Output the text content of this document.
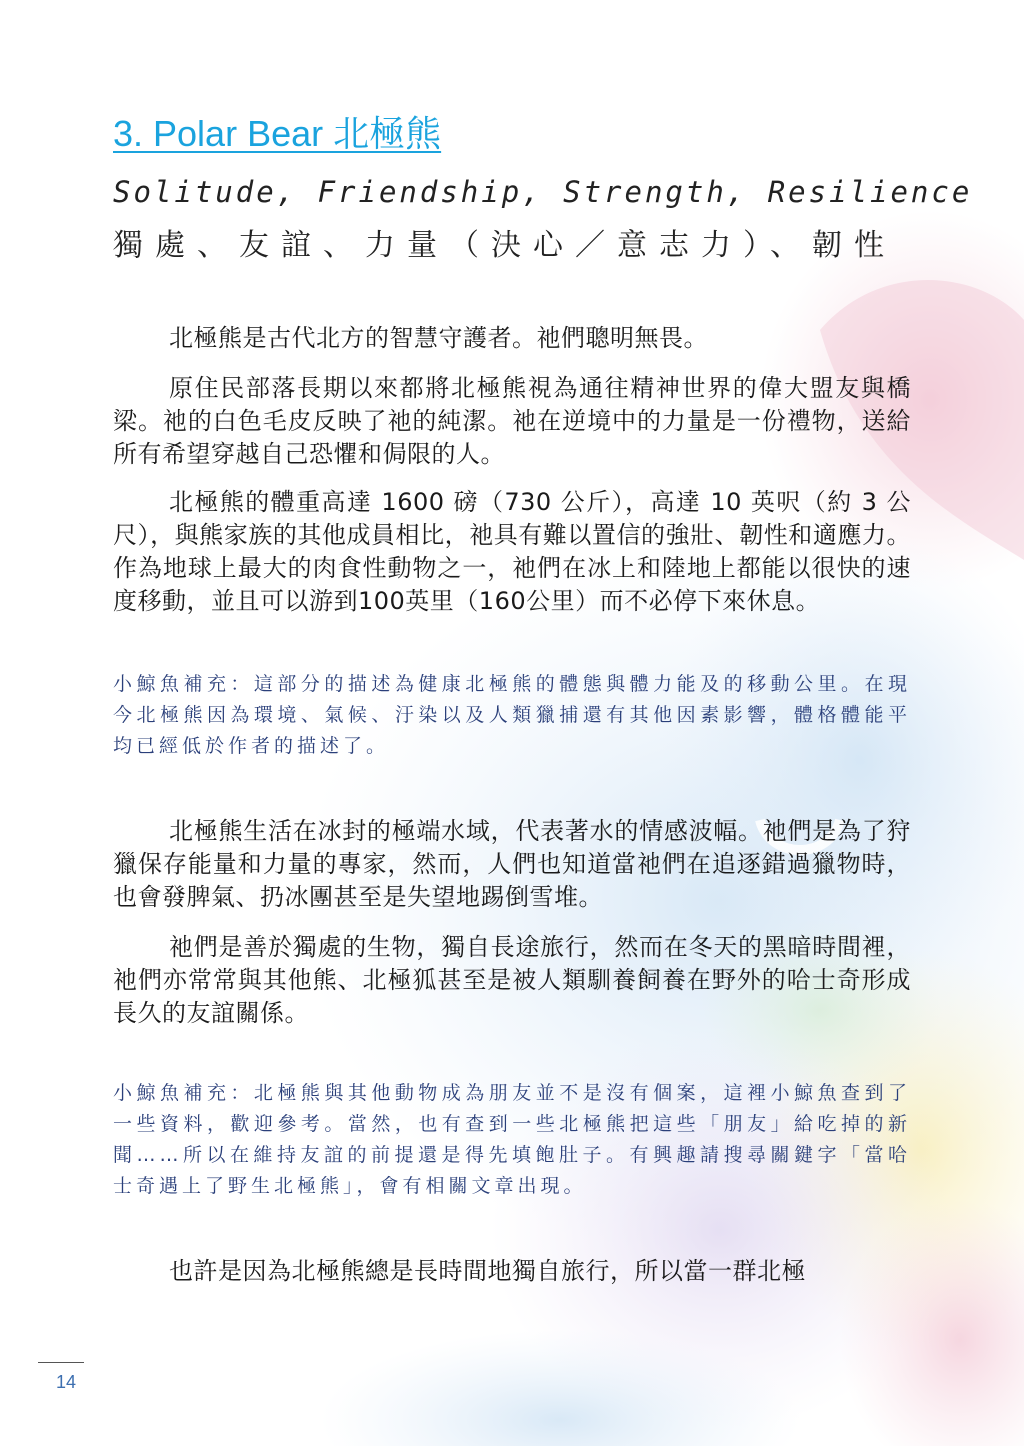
3. Polar Bear 北極熊
Solitude, Friendship, Strength, Resilience
獨處、友誼、力量（決心／意志力）、韌性

北極熊是古代北方的智慧守護者。祂們聰明無畏。

原住民部落長期以來都將北極熊視為通往精神世界的偉大盟友與橋梁。祂的白色毛皮反映了祂的純潔。祂在逆境中的力量是一份禮物，送給所有希望穿越自己恐懼和侷限的人。

北極熊的體重高達 1600 磅（730 公斤），高達 10 英呎（約 3 公尺），與熊家族的其他成員相比，祂具有難以置信的強壯、韌性和適應力。作為地球上最大的肉食性動物之一，祂們在冰上和陸地上都能以很快的速度移動，並且可以游到100英里（160公里）而不必停下來休息。

小鯨魚補充：這部分的描述為健康北極熊的體態與體力能及的移動公里。在現今北極熊因為環境、氣候、汙染以及人類獵捕還有其他因素影響，體格體能平均已經低於作者的描述了。

北極熊生活在冰封的極端水域，代表著水的情感波幅。祂們是為了狩獵保存能量和力量的專家，然而，人們也知道當祂們在追逐錯過獵物時，也會發脾氣、扔冰團甚至是失望地踢倒雪堆。

祂們是善於獨處的生物，獨自長途旅行，然而在冬天的黑暗時間裡，祂們亦常常與其他熊、北極狐甚至是被人類馴養飼養在野外的哈士奇形成長久的友誼關係。

小鯨魚補充：北極熊與其他動物成為朋友並不是沒有個案，這裡小鯨魚查到了一些資料，歡迎參考。當然，也有查到一些北極熊把這些「朋友」給吃掉的新聞……所以在維持友誼的前提還是得先填飽肚子。有興趣請搜尋關鍵字「當哈士奇遇上了野生北極熊」，會有相關文章出現。

也許是因為北極熊總是長時間地獨自旅行，所以當一群北極

14
